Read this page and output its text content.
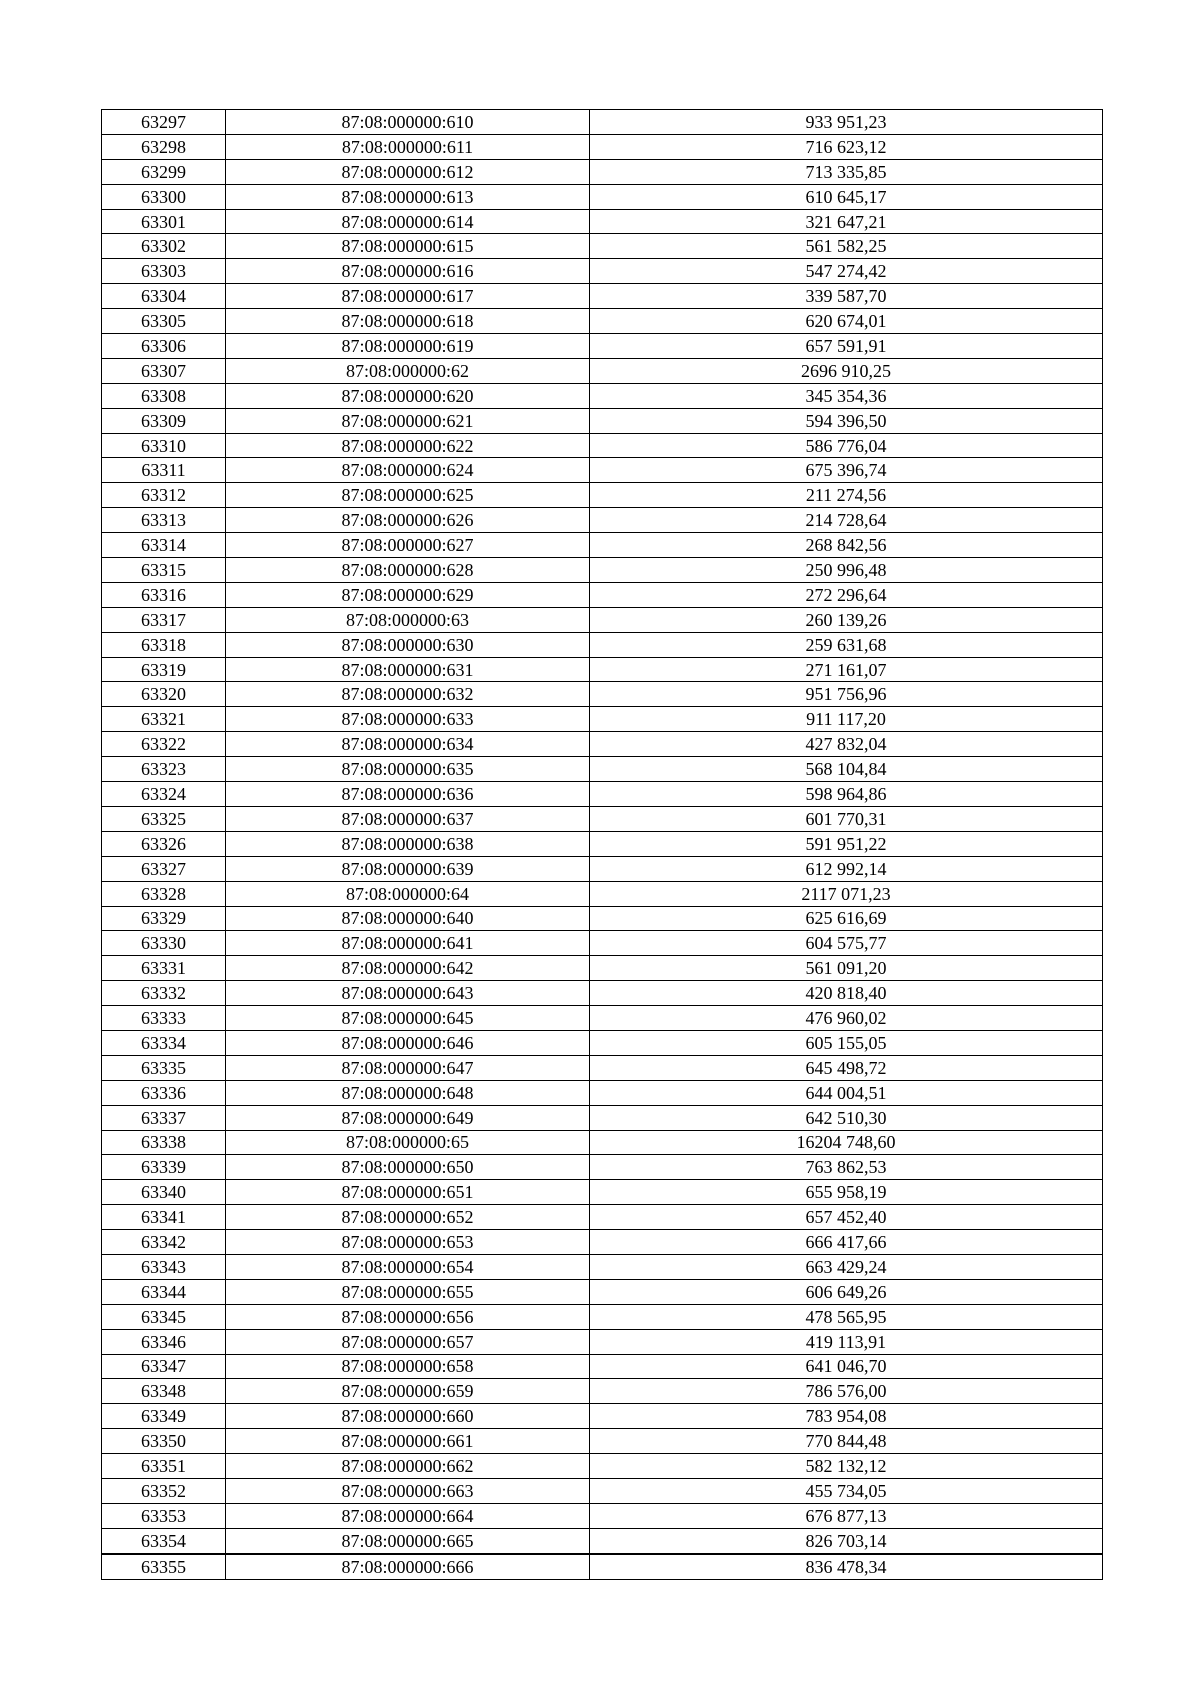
63297	87:08:000000:610	933 951,23
63298	87:08:000000:611	716 623,12
63299	87:08:000000:612	713 335,85
63300	87:08:000000:613	610 645,17
63301	87:08:000000:614	321 647,21
63302	87:08:000000:615	561 582,25
63303	87:08:000000:616	547 274,42
63304	87:08:000000:617	339 587,70
63305	87:08:000000:618	620 674,01
63306	87:08:000000:619	657 591,91
63307	87:08:000000:62	2696 910,25
63308	87:08:000000:620	345 354,36
63309	87:08:000000:621	594 396,50
63310	87:08:000000:622	586 776,04
63311	87:08:000000:624	675 396,74
63312	87:08:000000:625	211 274,56
63313	87:08:000000:626	214 728,64
63314	87:08:000000:627	268 842,56
63315	87:08:000000:628	250 996,48
63316	87:08:000000:629	272 296,64
63317	87:08:000000:63	260 139,26
63318	87:08:000000:630	259 631,68
63319	87:08:000000:631	271 161,07
63320	87:08:000000:632	951 756,96
63321	87:08:000000:633	911 117,20
63322	87:08:000000:634	427 832,04
63323	87:08:000000:635	568 104,84
63324	87:08:000000:636	598 964,86
63325	87:08:000000:637	601 770,31
63326	87:08:000000:638	591 951,22
63327	87:08:000000:639	612 992,14
63328	87:08:000000:64	2117 071,23
63329	87:08:000000:640	625 616,69
63330	87:08:000000:641	604 575,77
63331	87:08:000000:642	561 091,20
63332	87:08:000000:643	420 818,40
63333	87:08:000000:645	476 960,02
63334	87:08:000000:646	605 155,05
63335	87:08:000000:647	645 498,72
63336	87:08:000000:648	644 004,51
63337	87:08:000000:649	642 510,30
63338	87:08:000000:65	16204 748,60
63339	87:08:000000:650	763 862,53
63340	87:08:000000:651	655 958,19
63341	87:08:000000:652	657 452,40
63342	87:08:000000:653	666 417,66
63343	87:08:000000:654	663 429,24
63344	87:08:000000:655	606 649,26
63345	87:08:000000:656	478 565,95
63346	87:08:000000:657	419 113,91
63347	87:08:000000:658	641 046,70
63348	87:08:000000:659	786 576,00
63349	87:08:000000:660	783 954,08
63350	87:08:000000:661	770 844,48
63351	87:08:000000:662	582 132,12
63352	87:08:000000:663	455 734,05
63353	87:08:000000:664	676 877,13
63354	87:08:000000:665	826 703,14
63355	87:08:000000:666	836 478,34
